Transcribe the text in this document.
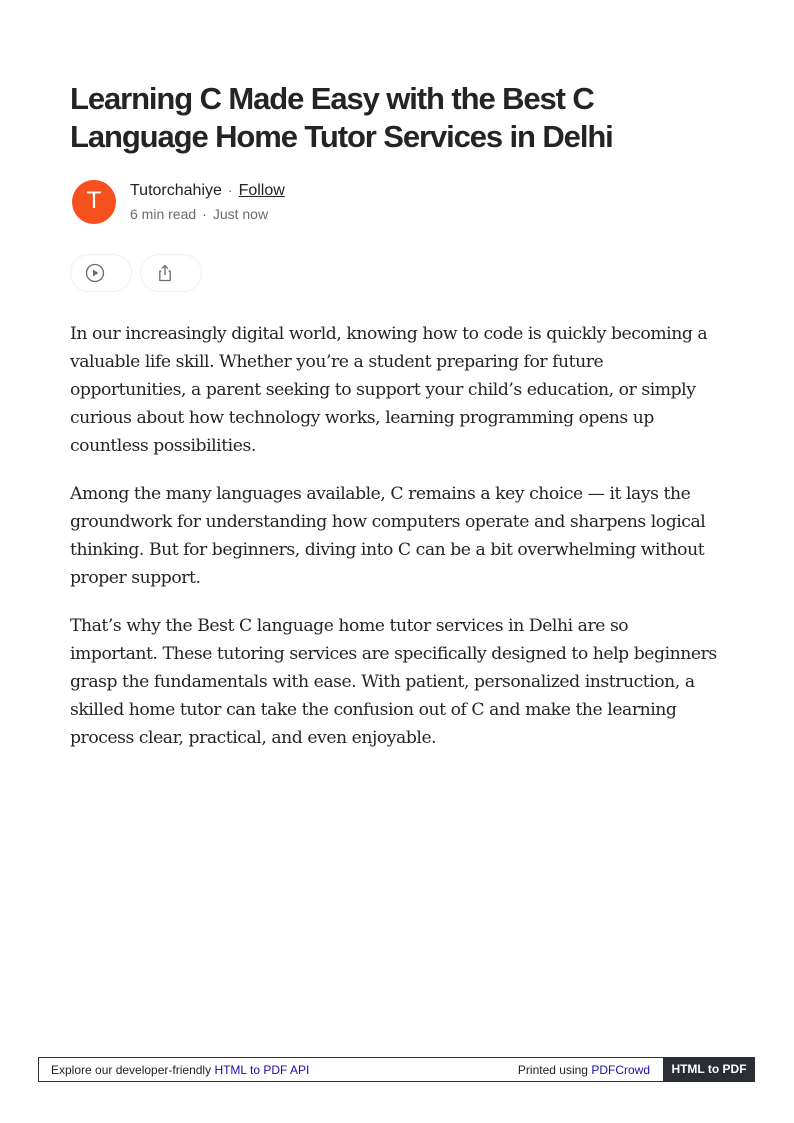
Learning C Made Easy with the Best C Language Home Tutor Services in Delhi
T	Tutorchahiye · Follow
6 min read · Just now

In our increasingly digital world, knowing how to code is quickly becoming a valuable life skill. Whether you’re a student preparing for future opportunities, a parent seeking to support your child’s education, or simply curious about how technology works, learning programming opens up countless possibilities.

Among the many languages available, C remains a key choice — it lays the groundwork for understanding how computers operate and sharpens logical thinking. But for beginners, diving into C can be a bit overwhelming without proper support.

That’s why the Best C language home tutor services in Delhi are so important. These tutoring services are specifically designed to help beginners grasp the fundamentals with ease. With patient, personalized instruction, a skilled home tutor can take the confusion out of C and make the learning process clear, practical, and even enjoyable.

Explore our developer-friendly HTML to PDF API	Printed using PDFCrowd	HTML to PDF
